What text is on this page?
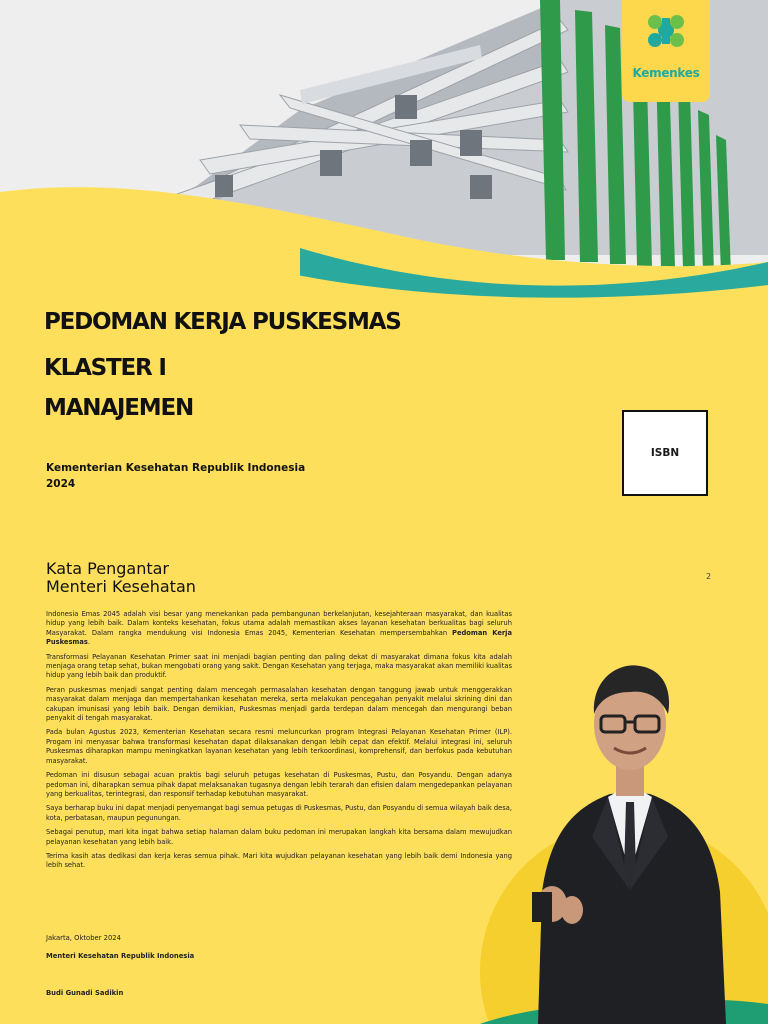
Kemenkes
PEDOMAN KERJA PUSKESMAS
KLASTER I
MANAJEMEN
Kementerian Kesehatan Republik Indonesia
2024
ISBN
Kata Pengantar
Menteri Kesehatan
2

Indonesia Emas 2045 adalah visi besar yang menekankan pada pembangunan berkelanjutan, kesejahteraan masyarakat, dan kualitas hidup yang lebih baik. Dalam konteks kesehatan, fokus utama adalah memastikan akses layanan kesehatan berkualitas bagi seluruh Masyarakat. Dalam rangka mendukung visi Indonesia Emas 2045, Kementerian Kesehatan mempersembahkan Pedoman Kerja Puskesmas.

Transformasi Pelayanan Kesehatan Primer saat ini menjadi bagian penting dan paling dekat di masyarakat dimana fokus kita adalah menjaga orang tetap sehat, bukan mengobati orang yang sakit. Dengan Kesehatan yang terjaga, maka masyarakat akan memiliki kualitas hidup yang lebih baik dan produktif.

Peran puskesmas menjadi sangat penting dalam mencegah permasalahan kesehatan dengan tanggung jawab untuk menggerakkan masyarakat dalam menjaga dan mempertahankan kesehatan mereka, serta melakukan pencegahan penyakit melalui skrining dini dan cakupan imunisasi yang lebih baik. Dengan demikian, Puskesmas menjadi garda terdepan dalam mencegah dan mengurangi beban penyakit di tengah masyarakat.

Pada bulan Agustus 2023, Kementerian Kesehatan secara resmi meluncurkan program Integrasi Pelayanan Kesehatan Primer (ILP). Progam ini menyasar bahwa transformasi kesehatan dapat dilaksanakan dengan lebih cepat dan efektif. Melalui integrasi ini, seluruh Puskesmas diharapkan mampu meningkatkan layanan kesehatan yang lebih terkoordinasi, komprehensif, dan berfokus pada kebutuhan masyarakat.

Pedoman ini disusun sebagai acuan praktis bagi seluruh petugas kesehatan di Puskesmas, Pustu, dan Posyandu. Dengan adanya pedoman ini, diharapkan semua pihak dapat melaksanakan tugasnya dengan lebih terarah dan efisien dalam mengedepankan pelayanan yang berkualitas, terintegrasi, dan responsif terhadap kebutuhan masyarakat.

Saya berharap buku ini dapat menjadi penyemangat bagi semua petugas di Puskesmas, Pustu, dan Posyandu di semua wilayah baik desa, kota, perbatasan, maupun pegunungan.

Sebagai penutup, mari kita ingat bahwa setiap halaman dalam buku pedoman ini merupakan langkah kita bersama dalam mewujudkan pelayanan kesehatan yang lebih baik.

Terima kasih atas dedikasi dan kerja keras semua pihak. Mari kita wujudkan pelayanan kesehatan yang lebih baik demi Indonesia yang lebih sehat.

Jakarta, Oktober 2024
Menteri Kesehatan Republik Indonesia
Budi Gunadi Sadikin
